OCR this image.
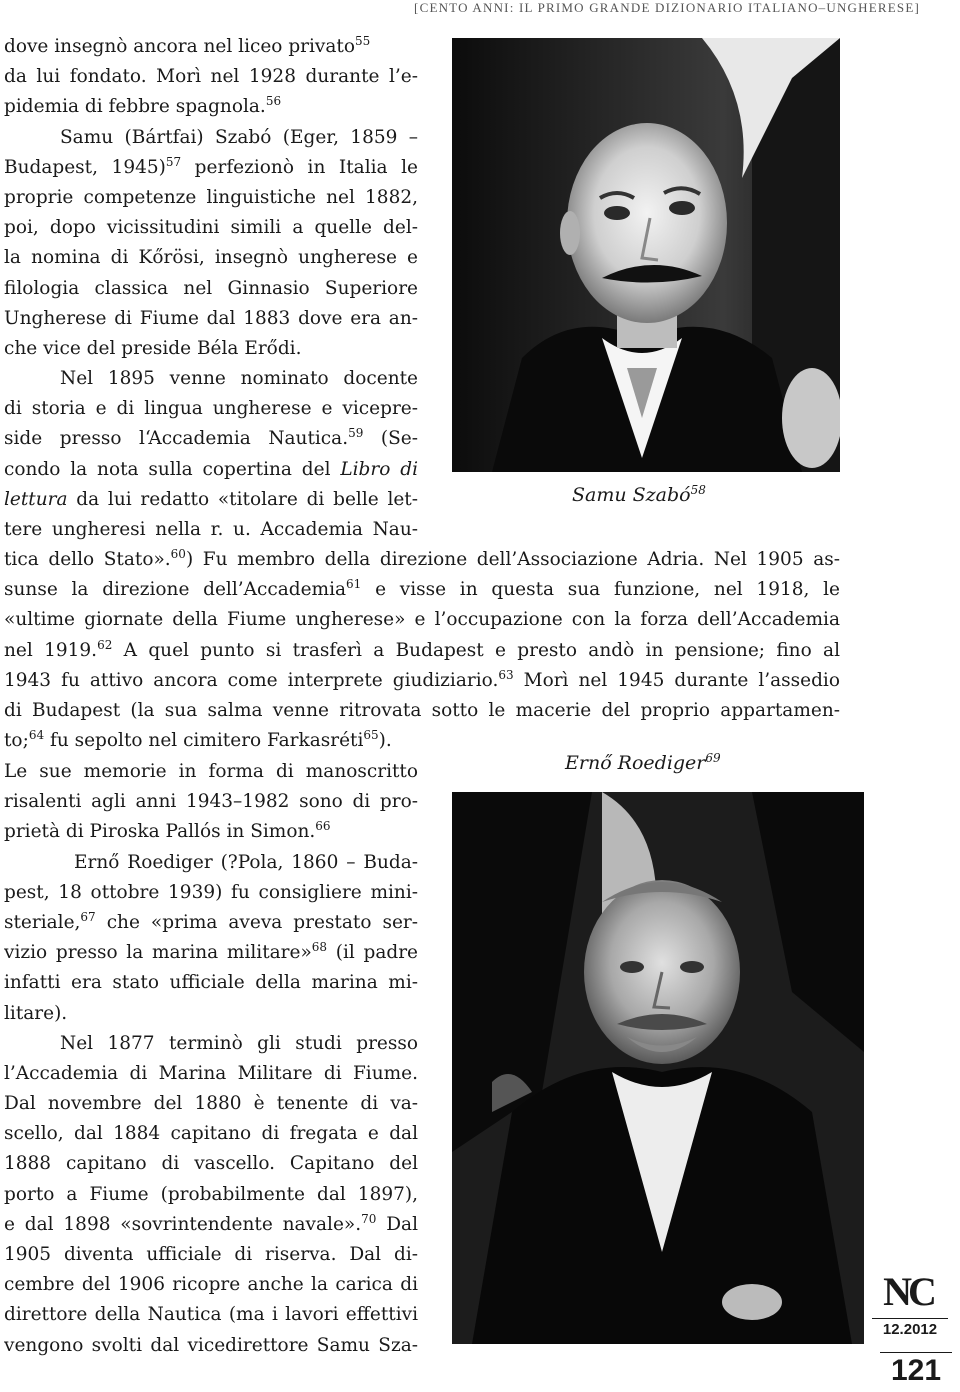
[CENTO ANNI: IL PRIMO GRANDE DIZIONARIO ITALIANO–UNGHERESE]
dove insegnò ancora nel liceo privato$^{55}$
da lui fondato. Morì nel 1928 durante l’e-
pidemia di febbre spagnola.$^{56}$
Samu (Bártfai) Szabó (Eger, 1859 –
Budapest, 1945)$^{57}$ perfezionò in Italia le
proprie competenze linguistiche nel 1882,
poi, dopo vicissitudini simili a quelle del-
la nomina di Kőrösi, insegnò ungherese e
filologia classica nel Ginnasio Superiore
Ungherese di Fiume dal 1883 dove era an-
che vice del preside Béla Erődi.
Nel 1895 venne nominato docente
di storia e di lingua ungherese e vicepre-
side presso l‘Accademia Nautica.$^{59}$ (Se-
condo la nota sulla copertina del Libro di
lettura da lui redatto «titolare di belle let-
tere ungheresi nella r. u. Accademia Nau-
tica dello Stato».$^{60}$) Fu membro della direzione dell’Associazione Adria. Nel 1905 as-
sunse la direzione dell’Accademia$^{61}$ e visse in questa sua funzione, nel 1918, le
«ultime giornate della Fiume ungherese» e l’occupazione con la forza dell’Accademia
nel 1919.62 A quel punto si trasferì a Budapest e presto andò in pensione; fino al
1943 fu attivo ancora come interprete giudiziario.$^{63}$ Morì nel 1945 durante l’assedio
di Budapest (la sua salma venne ritrovata sotto le macerie del proprio appartamen-
to;$^{64}$ fu sepolto nel cimitero Farkasréti$^{65}$).
Le sue memorie in forma di manoscritto
risalenti agli anni 1943–1982 sono di pro-
prietà di Piroska Pallós in Simon.$^{66}$
Ernő Roediger (?Pola, 1860 – Buda-
pest, 18 ottobre 1939) fu consigliere mini-
steriale,$^{67}$ che «prima aveva prestato ser-
vizio presso la marina militare»$^{68}$ (il padre
infatti era stato ufficiale della marina mi-
litare).
Nel 1877 terminò gli studi presso
l’Accademia di Marina Militare di Fiume.
Dal novembre del 1880 è tenente di va-
scello, dal 1884 capitano di fregata e dal
1888 capitano di vascello. Capitano del
porto a Fiume (probabilmente dal 1897),
e dal 1898 «sovrintendente navale».$^{70}$ Dal
1905 diventa ufficiale di riserva. Dal di-
cembre del 1906 ricopre anche la carica di
direttore della Nautica (ma i lavori effettivi
vengono svolti dal vicedirettore Samu Sza-
Samu Szabó$^{58}$
Ernő Roediger$^{69}$
NC
12.2012
121
